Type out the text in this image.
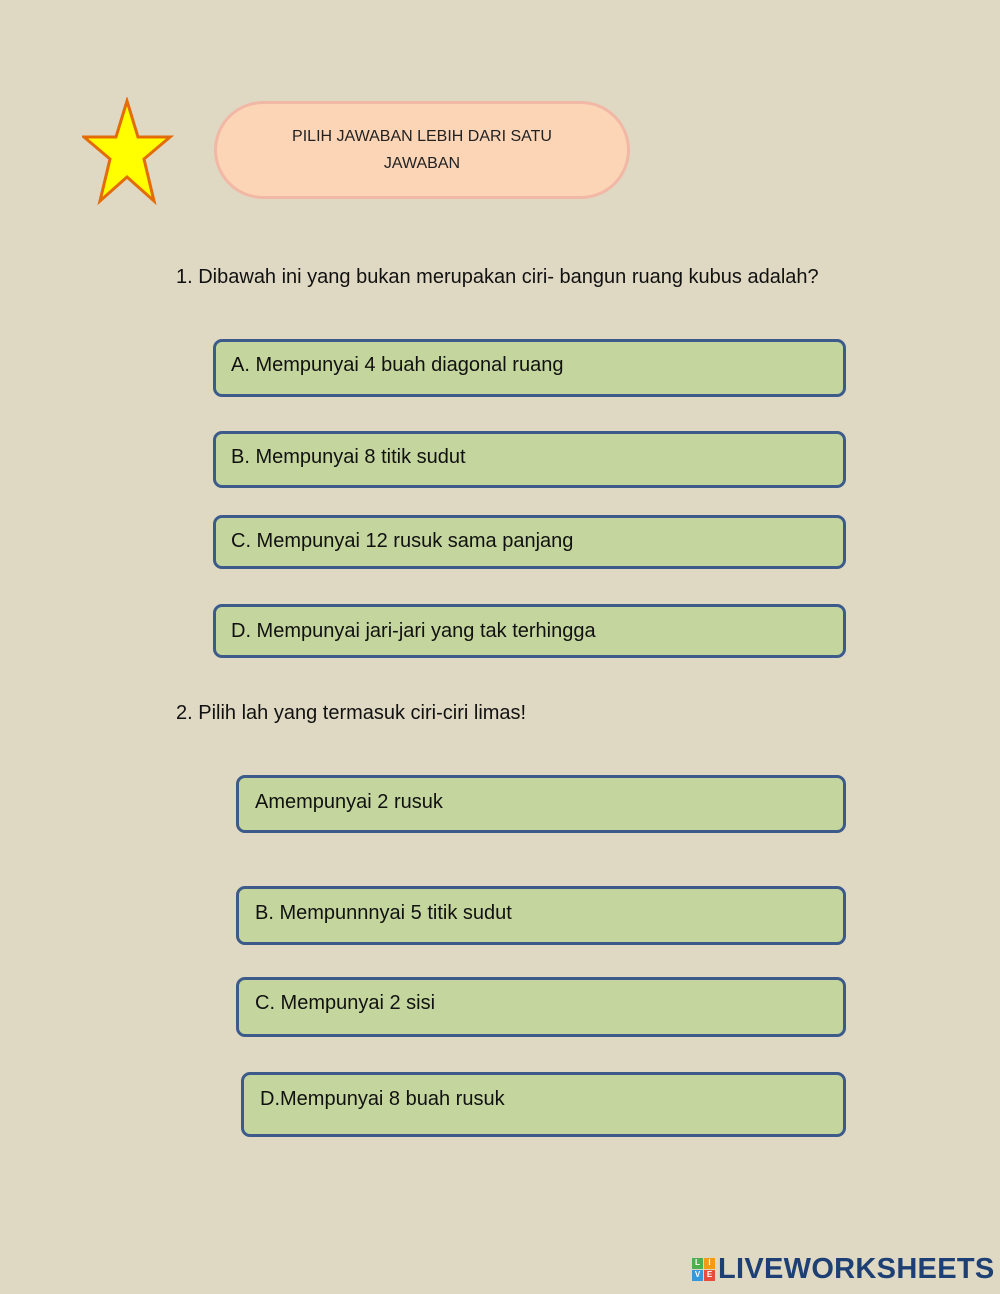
PILIH JAWABAN LEBIH DARI SATU JAWABAN
1. Dibawah ini yang bukan merupakan ciri- bangun ruang kubus adalah?
A. Mempunyai 4 buah diagonal ruang
B. Mempunyai 8 titik sudut
C. Mempunyai 12 rusuk sama panjang
D. Mempunyai jari-jari yang tak terhingga
2. Pilih lah yang termasuk ciri-ciri limas!
Amempunyai 2 rusuk
B. Mempunnnyai 5 titik sudut
C. Mempunyai 2 sisi
D.Mempunyai 8 buah rusuk
L	I
V E LIVEWORKSHEETS
